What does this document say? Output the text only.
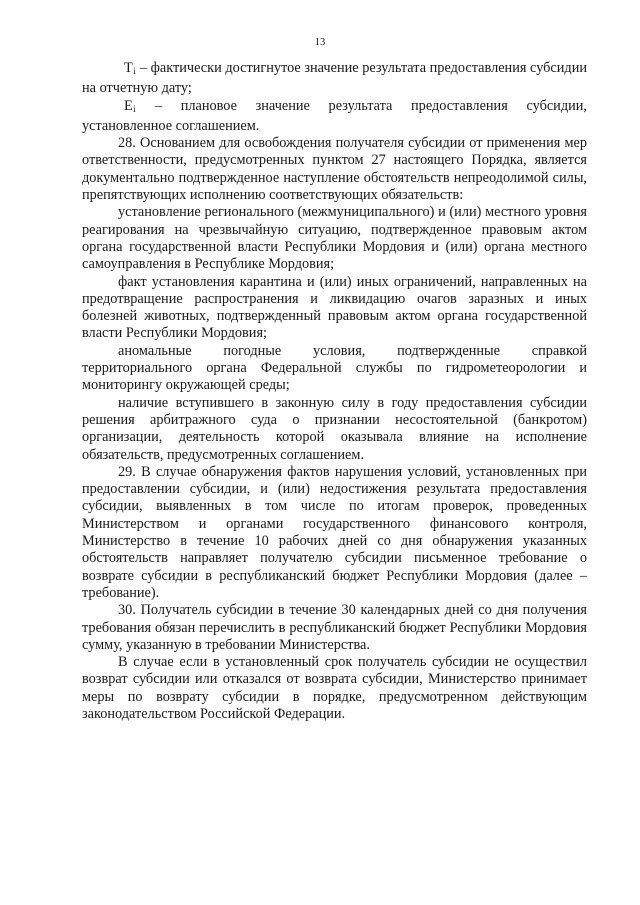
13

$T_i$ – фактически достигнутое значение результата предоставления субсидии на отчетную дату;

$E_i$ – плановое значение результата предоставления субсидии, установленное соглашением.

28. Основанием для освобождения получателя субсидии от применения мер ответственности, предусмотренных пунктом 27 настоящего Порядка, является документально подтвержденное наступление обстоятельств непреодолимой силы, препятствующих исполнению соответствующих обязательств:

установление регионального (межмуниципального) и (или) местного уровня реагирования на чрезвычайную ситуацию, подтвержденное правовым актом органа государственной власти Республики Мордовия и (или) органа местного самоуправления в Республике Мордовия;

факт установления карантина и (или) иных ограничений, направленных на предотвращение распространения и ликвидацию очагов заразных и иных болезней животных, подтвержденный правовым актом органа государственной власти Республики Мордовия;

аномальные погодные условия, подтвержденные справкой территориального органа Федеральной службы по гидрометеорологии и мониторингу окружающей среды;

наличие вступившего в законную силу в году предоставления субсидии решения арбитражного суда о признании несостоятельной (банкротом) организации, деятельность которой оказывала влияние на исполнение обязательств, предусмотренных соглашением.

29. В случае обнаружения фактов нарушения условий, установленных при предоставлении субсидии, и (или) недостижения результата предоставления субсидии, выявленных в том числе по итогам проверок, проведенных Министерством и органами государственного финансового контроля, Министерство в течение 10 рабочих дней со дня обнаружения указанных обстоятельств направляет получателю субсидии письменное требование о возврате субсидии в республиканский бюджет Республики Мордовия (далее – требование).

30. Получатель субсидии в течение 30 календарных дней со дня получения требования обязан перечислить в республиканский бюджет Республики Мордовия сумму, указанную в требовании Министерства.

В случае если в установленный срок получатель субсидии не осуществил возврат субсидии или отказался от возврата субсидии, Министерство принимает меры по возврату субсидии в порядке, предусмотренном действующим законодательством Российской Федерации.
